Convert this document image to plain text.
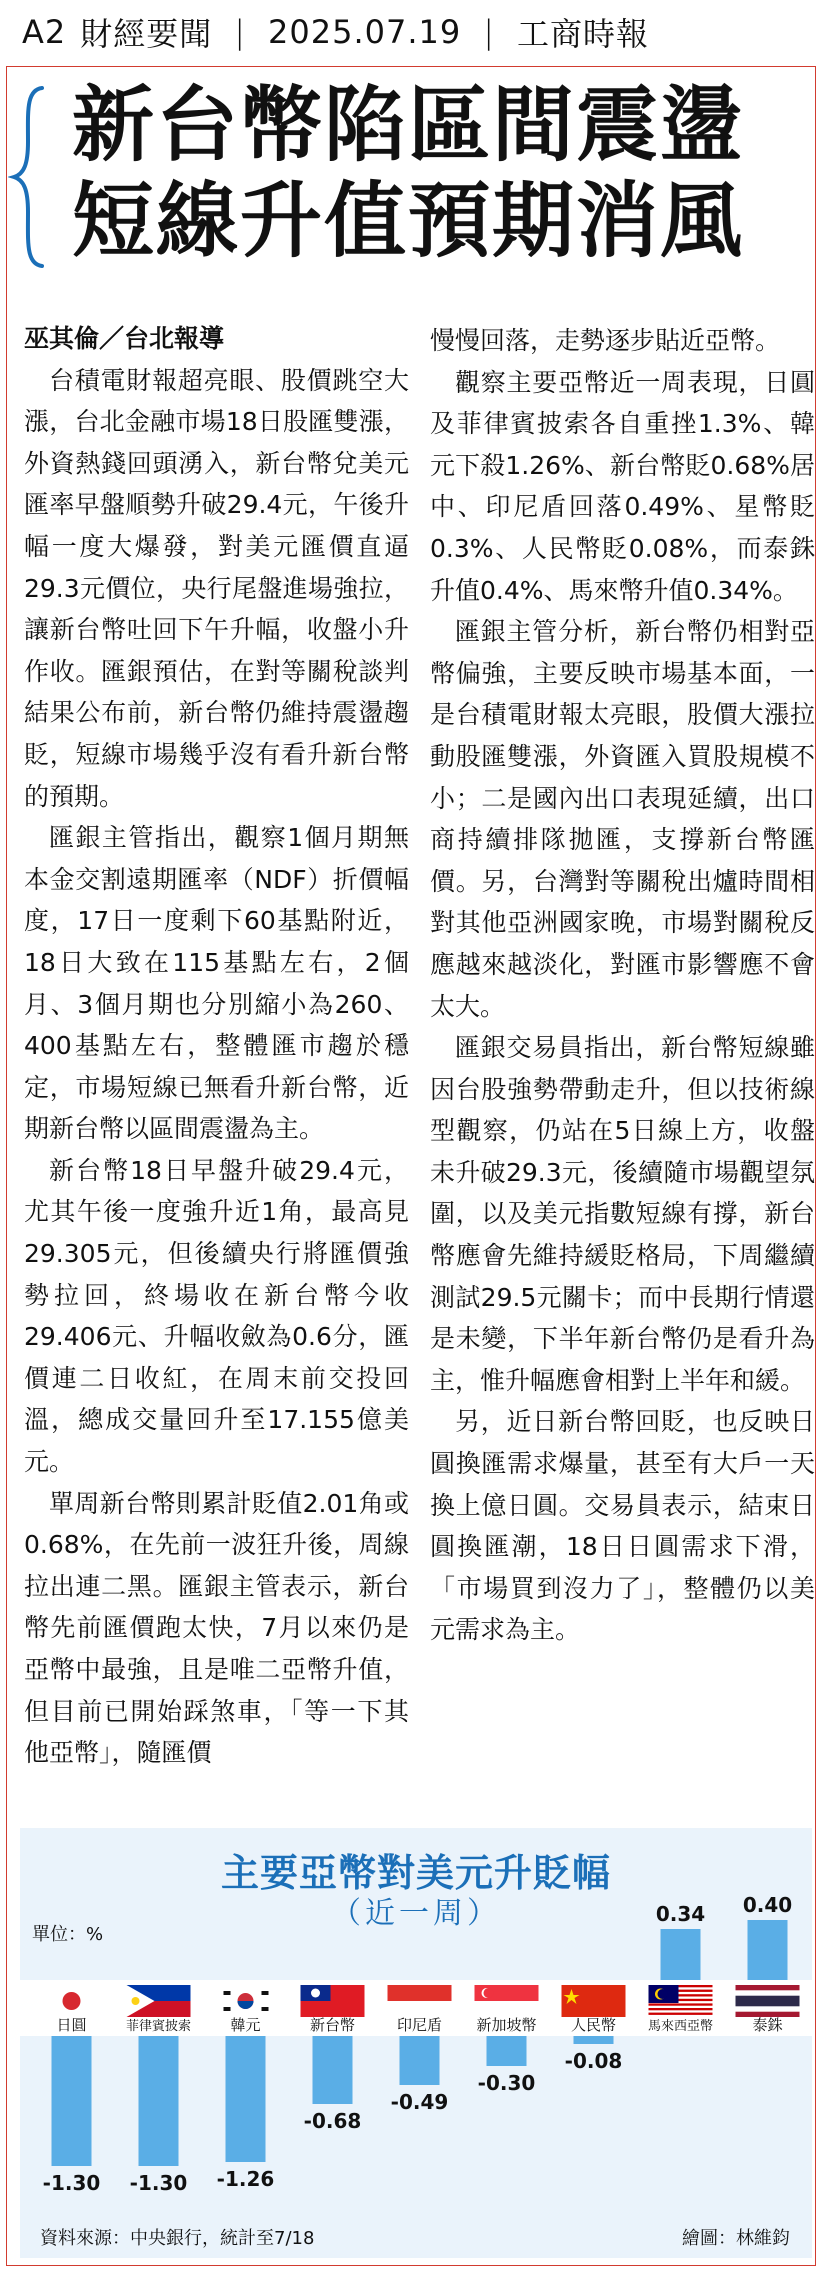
A2 財經要聞 | 2025.07.19 | 工商時報
新台幣陷區間震盪
短線升值預期消風

巫其倫／台北報導

台積電財報超亮眼、股價跳空大漲，台北金融市場18日股匯雙漲，外資熱錢回頭湧入，新台幣兌美元匯率早盤順勢升破29.4元，午後升幅一度大爆發，對美元匯價直逼29.3元價位，央行尾盤進場強拉，讓新台幣吐回下午升幅，收盤小升作收。匯銀預估，在對等關稅談判結果公布前，新台幣仍維持震盪趨貶，短線市場幾乎沒有看升新台幣的預期。

匯銀主管指出，觀察1個月期無本金交割遠期匯率（NDF）折價幅度，17日一度剩下60基點附近，18日大致在115基點左右，2個月、3個月期也分別縮小為260、400基點左右，整體匯市趨於穩定，市場短線已無看升新台幣，近期新台幣以區間震盪為主。

新台幣18日早盤升破29.4元，尤其午後一度強升近1角，最高見29.305元，但後續央行將匯價強勢拉回，終場收在新台幣今收29.406元、升幅收斂為0.6分，匯價連二日收紅，在周末前交投回溫，總成交量回升至17.155億美元。

單周新台幣則累計貶值2.01角或0.68%，在先前一波狂升後，周線拉出連二黑。匯銀主管表示，新台幣先前匯價跑太快，7月以來仍是亞幣中最強，且是唯二亞幣升值，但目前已開始踩煞車，「等一下其他亞幣」，隨匯價

慢慢回落，走勢逐步貼近亞幣。

觀察主要亞幣近一周表現，日圓及菲律賓披索各自重挫1.3%、韓元下殺1.26%、新台幣貶0.68%居中、印尼盾回落0.49%、星幣貶0.3%、人民幣貶0.08%，而泰銖升值0.4%、馬來幣升值0.34%。

匯銀主管分析，新台幣仍相對亞幣偏強，主要反映市場基本面，一是台積電財報太亮眼，股價大漲拉動股匯雙漲，外資匯入買股規模不小；二是國內出口表現延續，出口商持續排隊拋匯，支撐新台幣匯價。另，台灣對等關稅出爐時間相對其他亞洲國家晚，市場對關稅反應越來越淡化，對匯市影響應不會太大。

匯銀交易員指出，新台幣短線雖因台股強勢帶動走升，但以技術線型觀察，仍站在5日線上方，收盤未升破29.3元，後續隨市場觀望氛圍，以及美元指數短線有撐，新台幣應會先維持緩貶格局，下周繼續測試29.5元關卡；而中長期行情還是未變，下半年新台幣仍是看升為主，惟升幅應會相對上半年和緩。

另，近日新台幣回貶，也反映日圓換匯需求爆量，甚至有大戶一天換上億日圓。交易員表示，結束日圓換匯潮，18日日圓需求下滑，「市場買到沒力了」，整體仍以美元需求為主。

主要亞幣對美元升貶幅
（近一周）
單位：%
日圓
-1.30
菲律賓披索
-1.30
韓元
-1.26
新台幣
-0.68
印尼盾
-0.49
新加坡幣
-0.30
人民幣
-0.08
馬來西亞幣
0.34
泰銖
0.40
資料來源：中央銀行，統計至7/18	繪圖：林維鈞
